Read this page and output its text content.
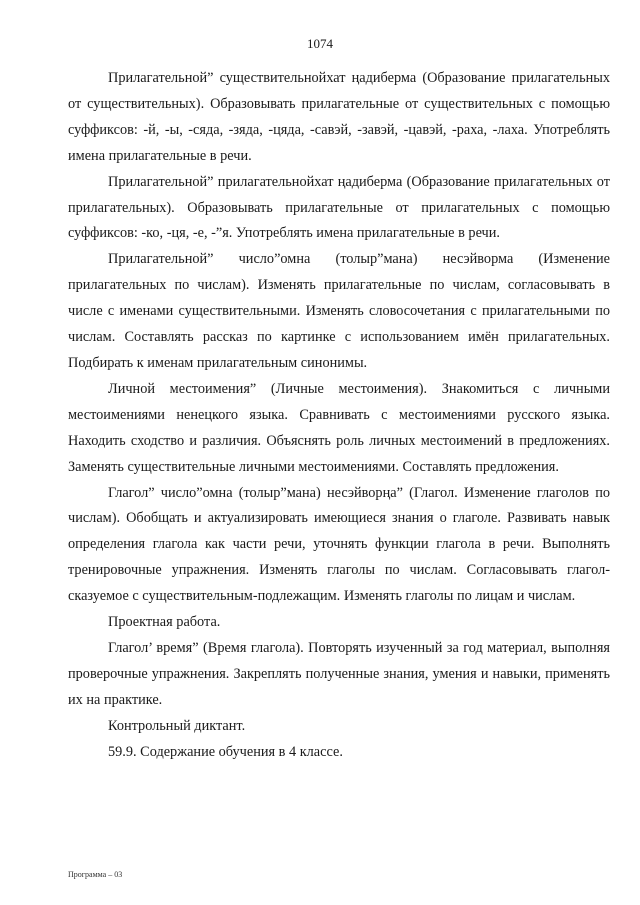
1074

Прилагательной” существительнойхат ңадиберма (Образование прилагательных от существительных). Образовывать прилагательные от существительных с помощью суффиксов: -й, -ы, -сяда, -зяда, -цяда, -савэй, -завэй, -цавэй, -раха, -лаха. Употреблять имена прилагательные в речи.

Прилагательной” прилагательнойхат ңадиберма (Образование прилагательных от прилагательных). Образовывать прилагательные от прилагательных с помощью суффиксов: -ко, -ця, -е, -”я. Употреблять имена прилагательные в речи.

Прилагательной” число”омна (толыр”мана) несэйворма (Изменение прилагательных по числам). Изменять прилагательные по числам, согласовывать в числе с именами существительными. Изменять словосочетания с прилагательными по числам. Составлять рассказ по картинке с использованием имён прилагательных. Подбирать к именам прилагательным синонимы.

Личной местоимения” (Личные местоимения). Знакомиться с личными местоимениями ненецкого языка. Сравнивать с местоимениями русского языка. Находить сходство и различия. Объяснять роль личных местоимений в предложениях. Заменять существительные личными местоимениями. Составлять предложения.

Глагол” число”омна (толыр”мана) несэйворңа” (Глагол. Изменение глаголов по числам). Обобщать и актуализировать имеющиеся знания о глаголе. Развивать навык определения глагола как части речи, уточнять функции глагола в речи. Выполнять тренировочные упражнения. Изменять глаголы по числам. Согласовывать глагол-сказуемое с существительным-подлежащим. Изменять глаголы по лицам и числам.

Проектная работа.

Глагол’ время” (Время глагола). Повторять изученный за год материал, выполняя проверочные упражнения. Закреплять полученные знания, умения и навыки, применять их на практике.

Контрольный диктант.

59.9. Содержание обучения в 4 классе.

Программа – 03
